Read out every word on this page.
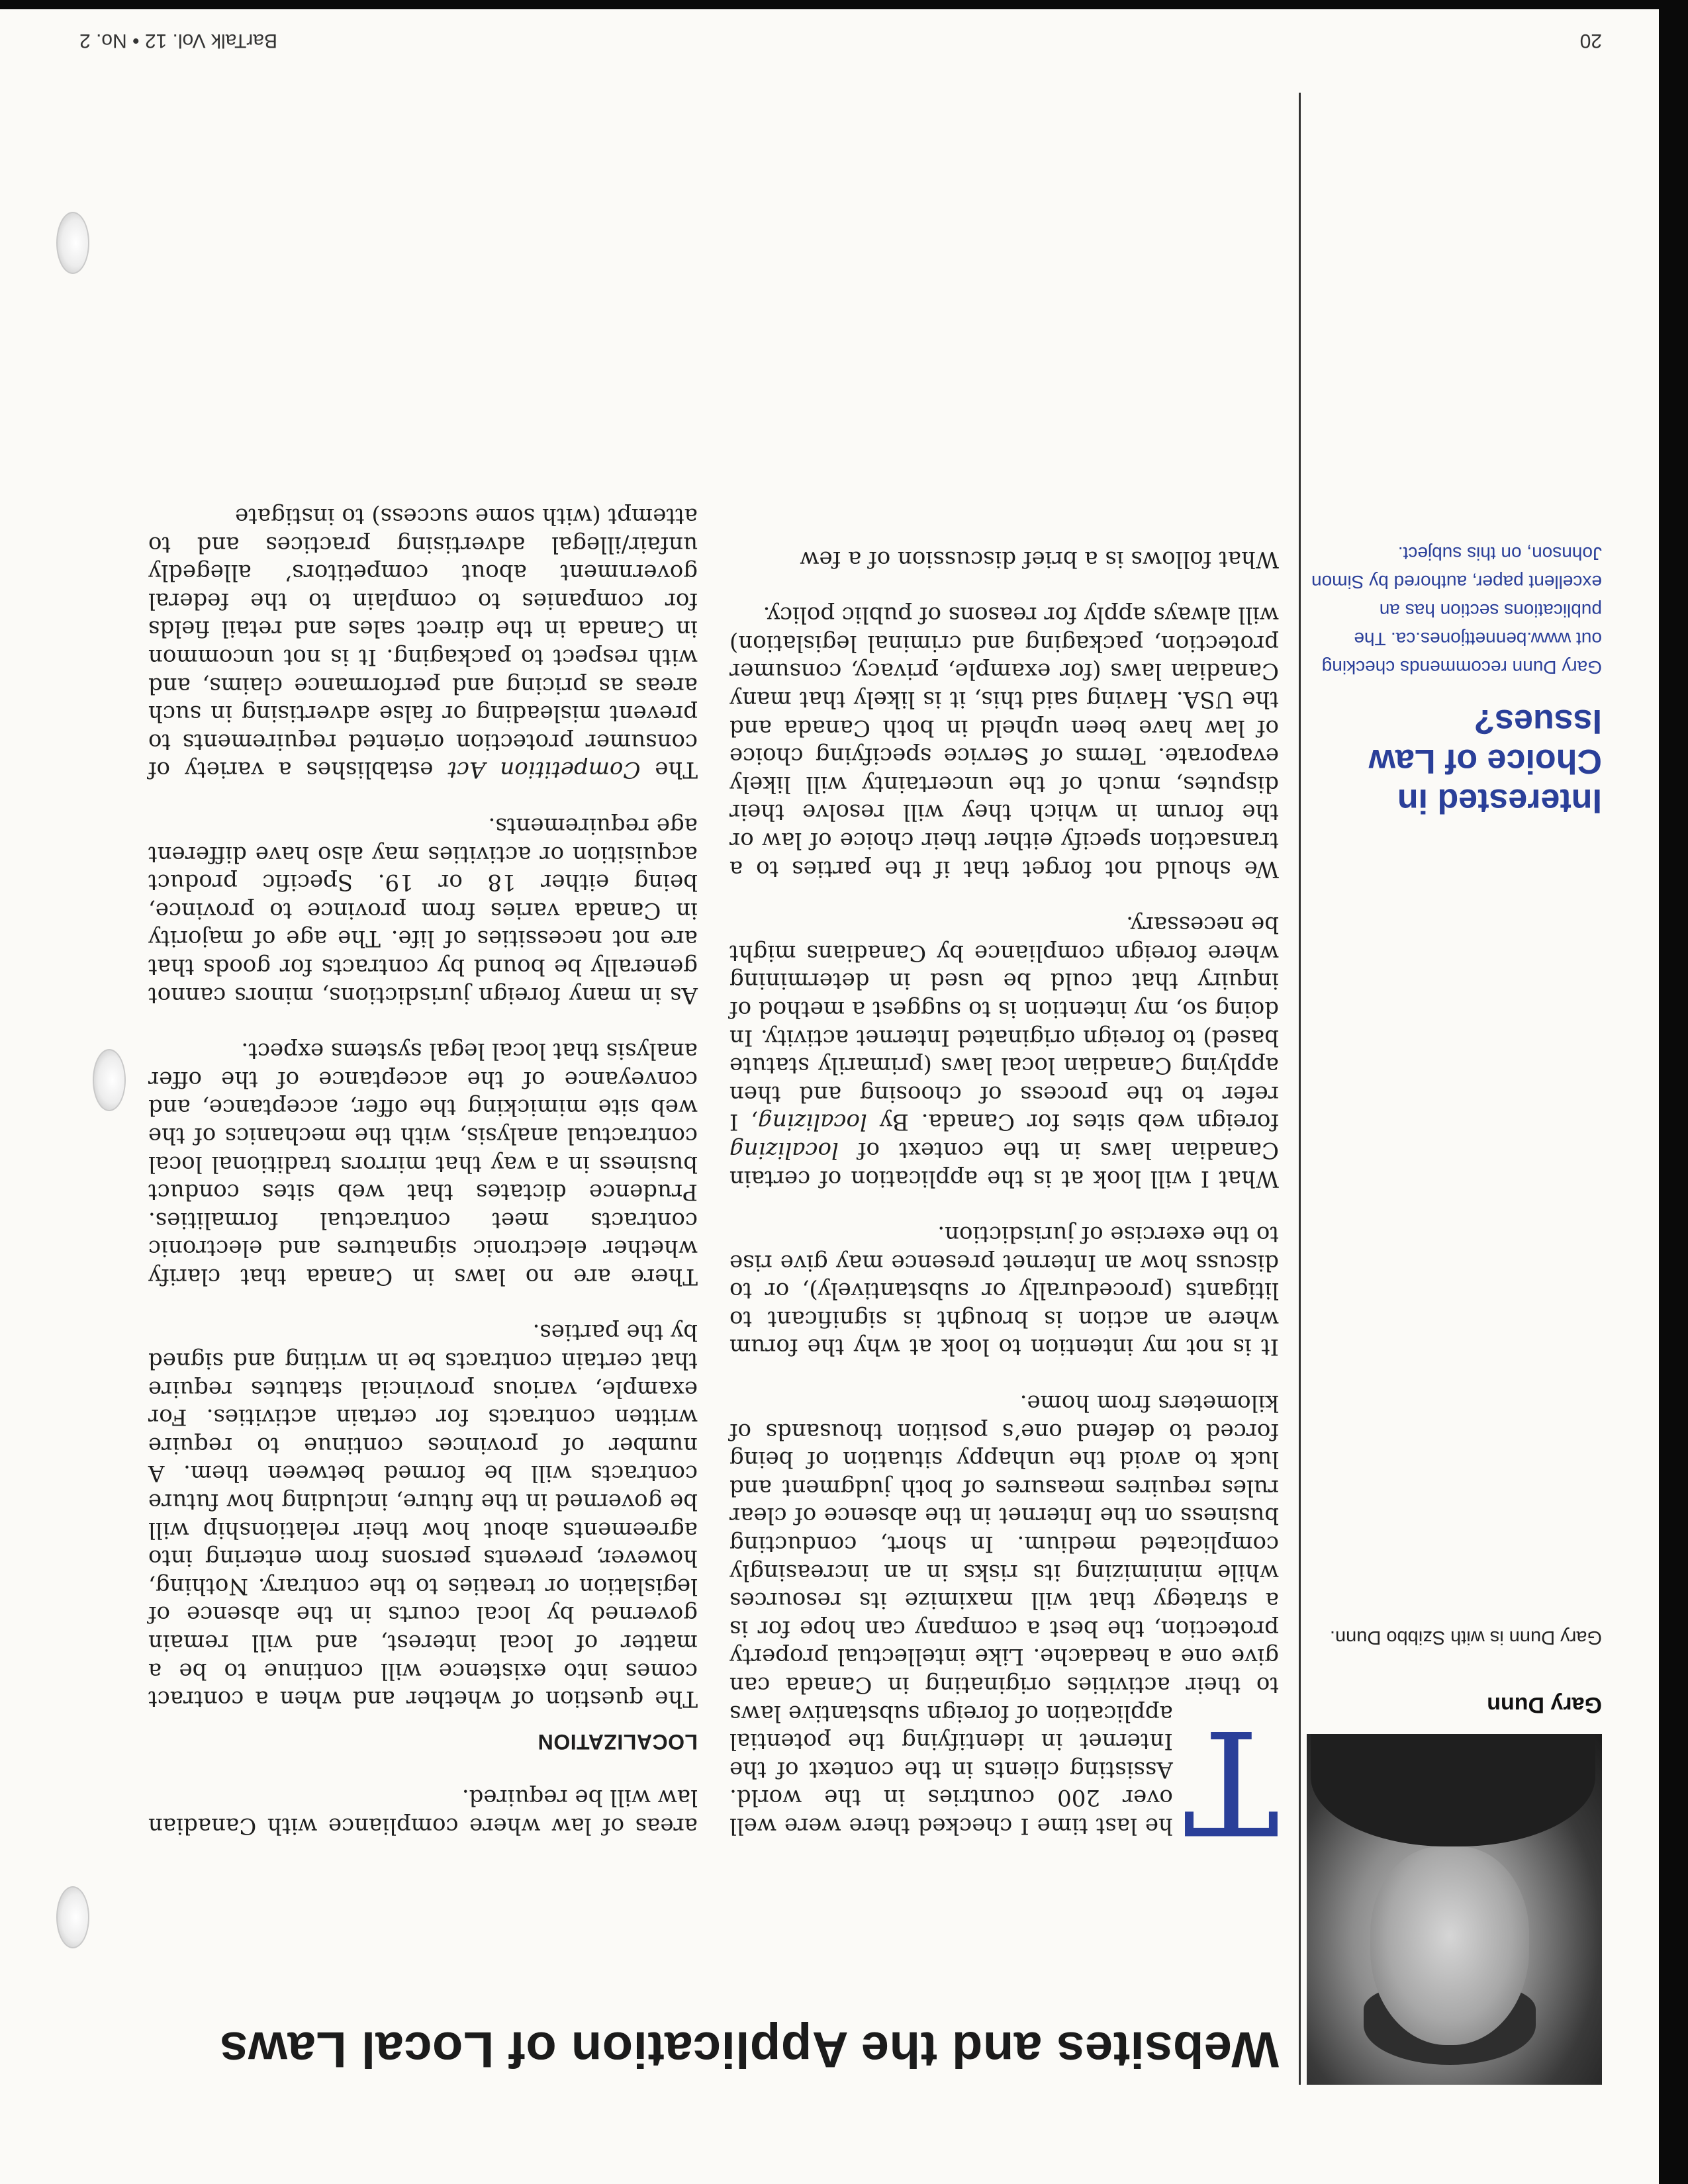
Gary Dunn
Gary Dunn is with Szibbo Dunn.
Interested in Choice of Law Issues?
Gary Dunn recommends checking out www.bennettjones.ca. The publications section has an excellent paper, authored by Simon Johnson, on this subject.
Websites and the Application of Local Laws

T
he last time I checked there were well over 200 countries in the world. Assisting clients in the context of the Internet in identifying the potential application of foreign substantive laws to their activities originating in Canada can give one a headache. Like intellectual property protection, the best a company can hope for is a strategy that will maximize its resources while minimizing its risks in an increasingly complicated medium. In short, conducting business on the Internet in the absence of clear rules requires measures of both judgment and luck to avoid the unhappy situation of being forced to defend one’s position thousands of kilometers from home.

It is not my intention to look at why the forum where an action is brought is significant to litigants (procedurally or substantively), or to discuss how an Internet presence may give rise to the exercise of jurisdiction.

What I will look at is the application of certain Canadian laws in the context of localizing foreign web sites for Canada. By localizing, I refer to the process of choosing and then applying Canadian local laws (primarily statute based) to foreign originated Internet activity. In doing so, my intention is to suggest a method of inquiry that could be used in determining where foreign compliance by Canadians might be necessary.

We should not forget that if the parties to a transaction specify either their choice of law or the forum in which they will resolve their disputes, much of the uncertainty will likely evaporate. Terms of Service specifying choice of law have been upheld in both Canada and the USA. Having said this, it is likely that many Canadian laws (for example, privacy, consumer protection, packaging and criminal legislation) will always apply for reasons of public policy.

What follows is a brief discussion of a few

areas of law where compliance with Canadian law will be required.

LOCALIZATION

The question of whether and when a contract comes into existence will continue to be a matter of local interest, and will remain governed by local courts in the absence of legislation or treaties to the contrary. Nothing, however, prevents persons from entering into agreements about how their relationship will be governed in the future, including how future contracts will be formed between them. A number of provinces continue to require written contracts for certain activities. For example, various provincial statutes require that certain contracts be in writing and signed by the parties.

There are no laws in Canada that clarify whether electronic signatures and electronic contracts meet contractual formalities. Prudence dictates that web sites conduct business in a way that mirrors traditional local contractual analysis, with the mechanics of the web site mimicking the offer, acceptance, and conveyance of the acceptance of the offer analysis that local legal systems expect.

As in many foreign jurisdictions, minors cannot generally be bound by contracts for goods that are not necessities of life. The age of majority in Canada varies from province to province, being either 18 or 19. Specific product acquisition or activities may also have different age requirements.

The Competition Act establishes a variety of consumer protection oriented requirements to prevent misleading or false advertising in such areas as pricing and performance claims, and with respect to packaging. It is not uncommon in Canada in the direct sales and retail fields for companies to complain to the federal government about competitors’ allegedly unfair/illegal advertising practices and to attempt (with some success) to instigate

BarTalk Vol. 12 • No. 2	20
